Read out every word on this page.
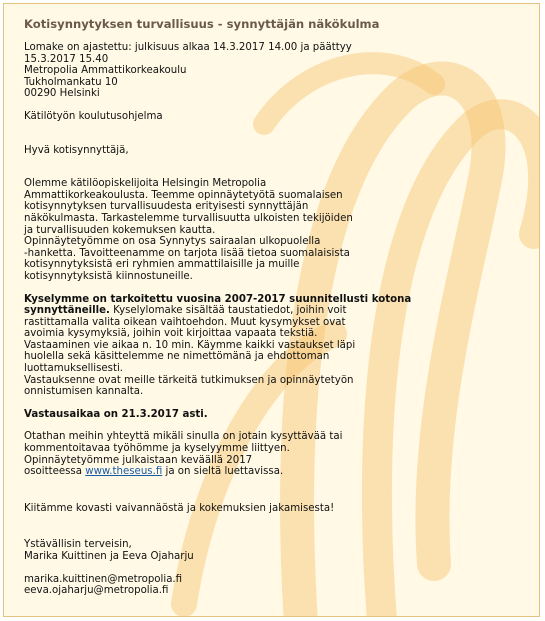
Kotisynnytyksen turvallisuus - synnyttäjän näkökulma

Lomake on ajastettu: julkisuus alkaa 14.3.2017 14.00 ja päättyy
15.3.2017 15.40

Metropolia Ammattikorkeakoulu
Tukholmankatu 10
00290 Helsinki

Kätilötyön koulutusohjelma

Hyvä kotisynnyttäjä,

Olemme kätilöopiskelijoita Helsingin Metropolia
Ammattikorkeakoulusta. Teemme opinnäytetyötä suomalaisen
kotisynnytyksen turvallisuudesta erityisesti synnyttäjän
näkökulmasta. Tarkastelemme turvallisuutta ulkoisten tekijöiden
ja turvallisuuden kokemuksen kautta.
Opinnäytetyömme on osa Synnytys sairaalan ulkopuolella
-hanketta. Tavoitteenamme on tarjota lisää tietoa suomalaisista
kotisynnytyksistä eri ryhmien ammattilaisille ja muille
kotisynnytyksistä kiinnostuneille.

Kyselymme on tarkoitettu vuosina 2007-2017 suunnitellusti kotona
synnyttäneille. Kyselylomake sisältää taustatiedot, joihin voit
rastittamalla valita oikean vaihtoehdon. Muut kysymykset ovat
avoimia kysymyksiä, joihin voit kirjoittaa vapaata tekstiä.
Vastaaminen vie aikaa n. 10 min. Käymme kaikki vastaukset läpi
huolella sekä käsittelemme ne nimettömänä ja ehdottoman
luottamuksellisesti.

Vastauksenne ovat meille tärkeitä tutkimuksen ja opinnäytetyön
onnistumisen kannalta.

Vastausaikaa on 21.3.2017 asti.

Otathan meihin yhteyttä mikäli sinulla on jotain kysyttävää tai
kommentoitavaa työhömme ja kyselyymme liittyen.
Opinnäytetyömme julkaistaan keväällä 2017
osoitteessa www.theseus.fi ja on sieltä luettavissa.

Kiitämme kovasti vaivannäöstä ja kokemuksien jakamisesta!

Ystävällisin terveisin,
Marika Kuittinen ja Eeva Ojaharju

marika.kuittinen@metropolia.fi
eeva.ojaharju@metropolia.fi
